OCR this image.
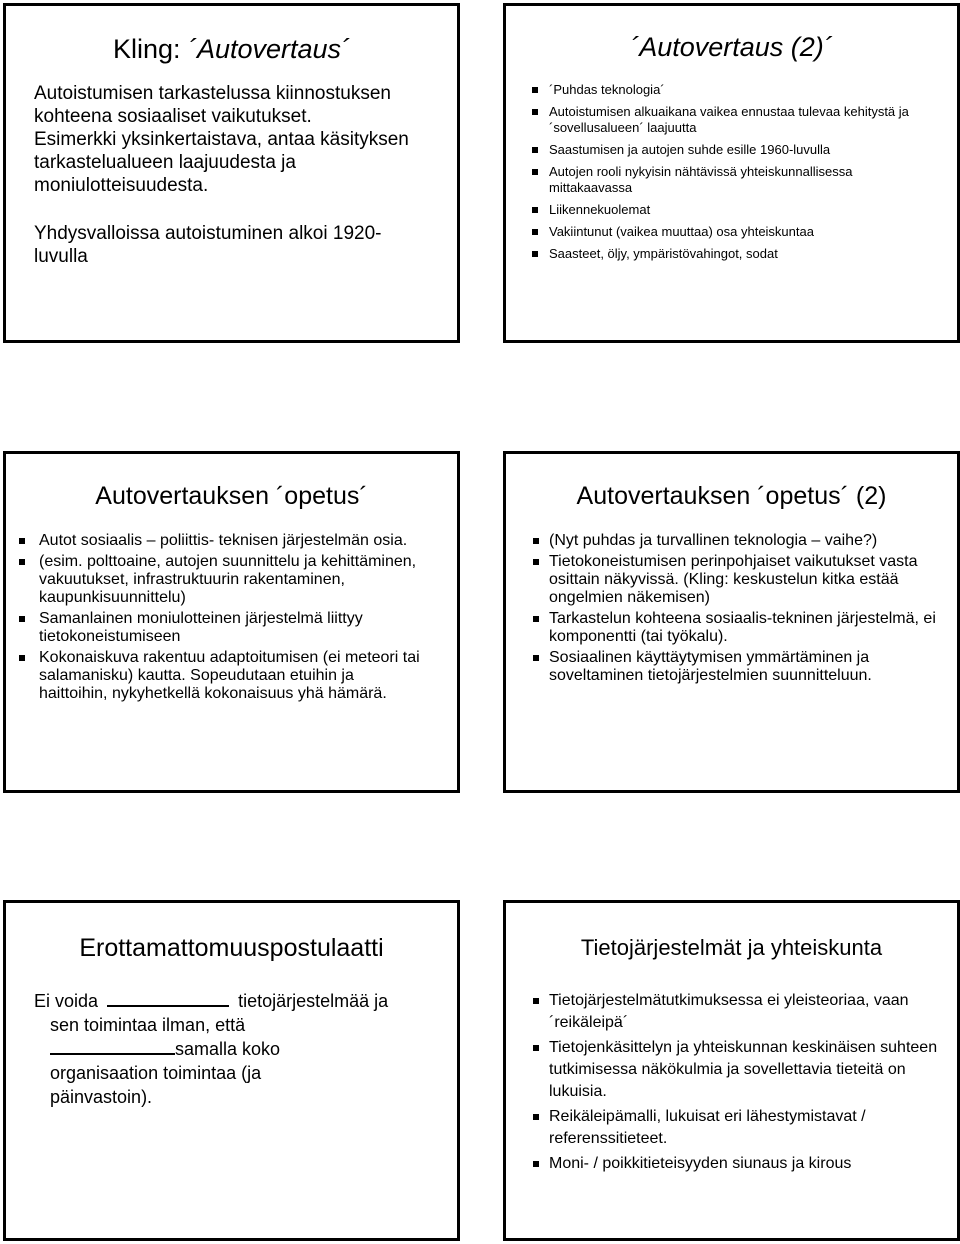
Kling: ´Autovertaus´

Autoistumisen tarkastelussa kiinnostuksen kohteena sosiaaliset vaikutukset.

Esimerkki yksinkertaistava, antaa käsityksen tarkastelualueen laajuudesta ja moniulotteisuudesta.

Yhdysvalloissa autoistuminen alkoi 1920-luvulla

´Autovertaus (2)´
´Puhdas teknologia´
Autoistumisen alkuaikana vaikea ennustaa tulevaa kehitystä ja ´sovellusalueen´ laajuutta
Saastumisen ja autojen suhde esille 1960-luvulla
Autojen rooli nykyisin nähtävissä yhteiskunnallisessa mittakaavassa
Liikennekuolemat
Vakiintunut (vaikea muuttaa) osa yhteiskuntaa
Saasteet, öljy, ympäristövahingot, sodat
Autovertauksen ´opetus´
Autot sosiaalis – poliittis- teknisen järjestelmän osia.
(esim. polttoaine, autojen suunnittelu ja kehittäminen, vakuutukset, infrastruktuurin rakentaminen, kaupunkisuunnittelu)
Samanlainen moniulotteinen järjestelmä liittyy tietokoneistumiseen
Kokonaiskuva rakentuu adaptoitumisen (ei meteori tai salamanisku) kautta. Sopeudutaan etuihin ja haittoihin, nykyhetkellä kokonaisuus yhä hämärä.
Autovertauksen ´opetus´ (2)
(Nyt puhdas ja turvallinen teknologia – vaihe?)
Tietokoneistumisen perinpohjaiset vaikutukset vasta osittain näkyvissä. (Kling: keskustelun kitka estää ongelmien näkemisen)
Tarkastelun kohteena sosiaalis-tekninen järjestelmä, ei komponentti (tai työkalu).
Sosiaalinen käyttäytymisen ymmärtäminen ja soveltaminen tietojärjestelmien suunnitteluun.
Erottamattomuuspostulaatti
Ei voida	tietojärjestelmää ja
sen toimintaa ilman, että
samalla koko
organisaation toimintaa (ja
päinvastoin).
Tietojärjestelmät ja yhteiskunta
Tietojärjestelmätutkimuksessa ei yleisteoriaa, vaan ´reikäleipä´
Tietojenkäsittelyn ja yhteiskunnan keskinäisen suhteen tutkimisessa näkökulmia ja sovellettavia tieteitä on lukuisia.
Reikäleipämalli, lukuisat eri lähestymistavat / referenssitieteet.
Moni- / poikkitieteisyyden siunaus ja kirous
